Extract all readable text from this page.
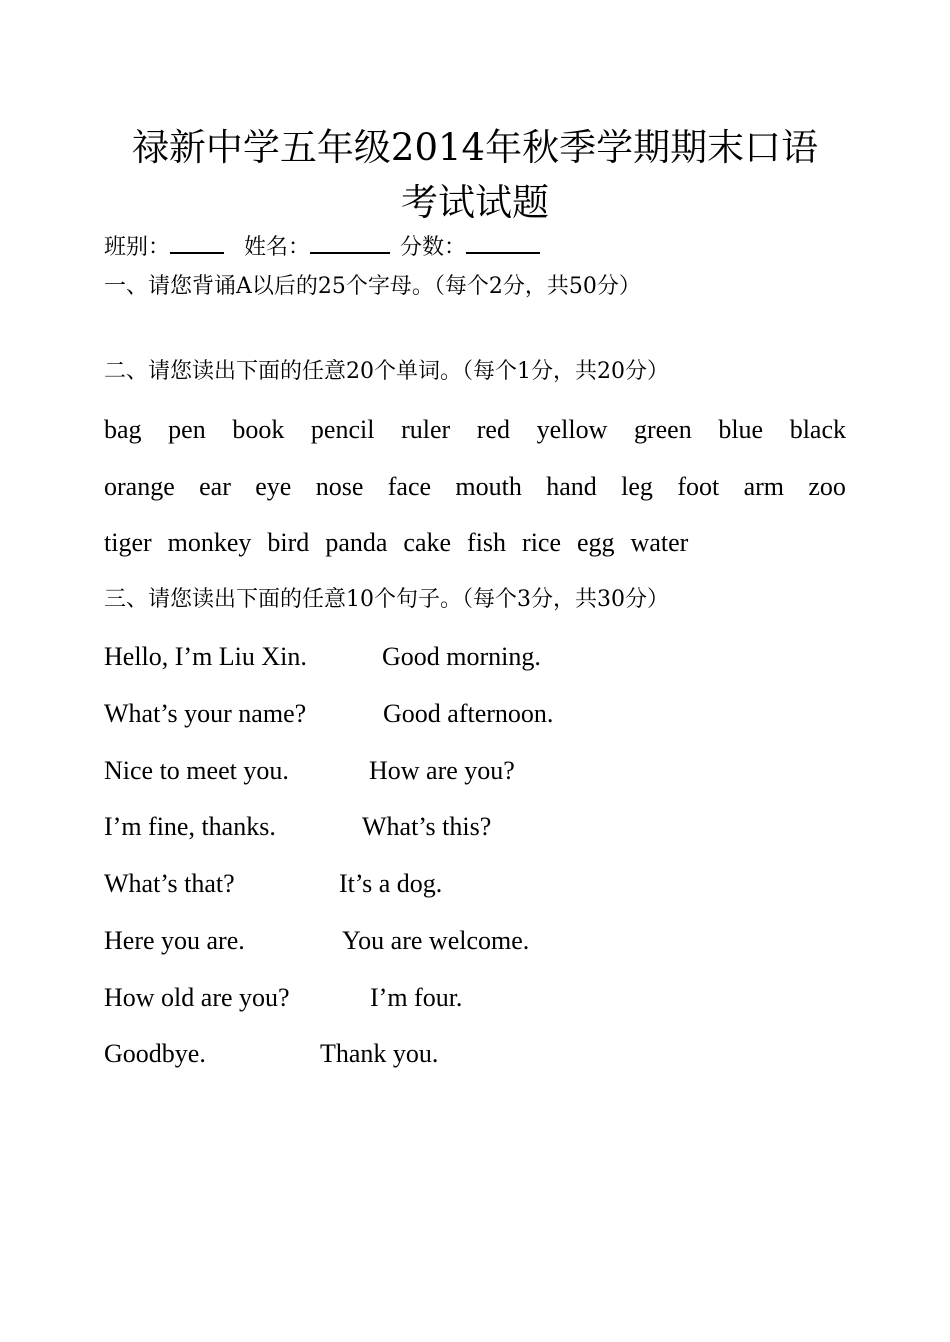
禄新中学五年级2014年秋季学期期末口语
考试试题
班别：	姓名：	分数：
一、请您背诵A以后的25个字母。（每个2分，共50分）
二、请您读出下面的任意20个单词。（每个1分，共20分）
bag pen book pencil ruler red yellow green blue black
orange ear eye nose face mouth hand leg foot arm zoo
tiger monkey bird panda cake fish rice egg water
三、请您读出下面的任意10个句子。（每个3分，共30分）
Hello, I’m Liu Xin.	Good morning.
What’s your name?	Good afternoon.
Nice to meet you.	How are you?
I’m fine, thanks.	What’s this?
What’s that?	It’s a dog.
Here you are.	You are welcome.
How old are you?	I’m four.
Goodbye.	Thank you.
